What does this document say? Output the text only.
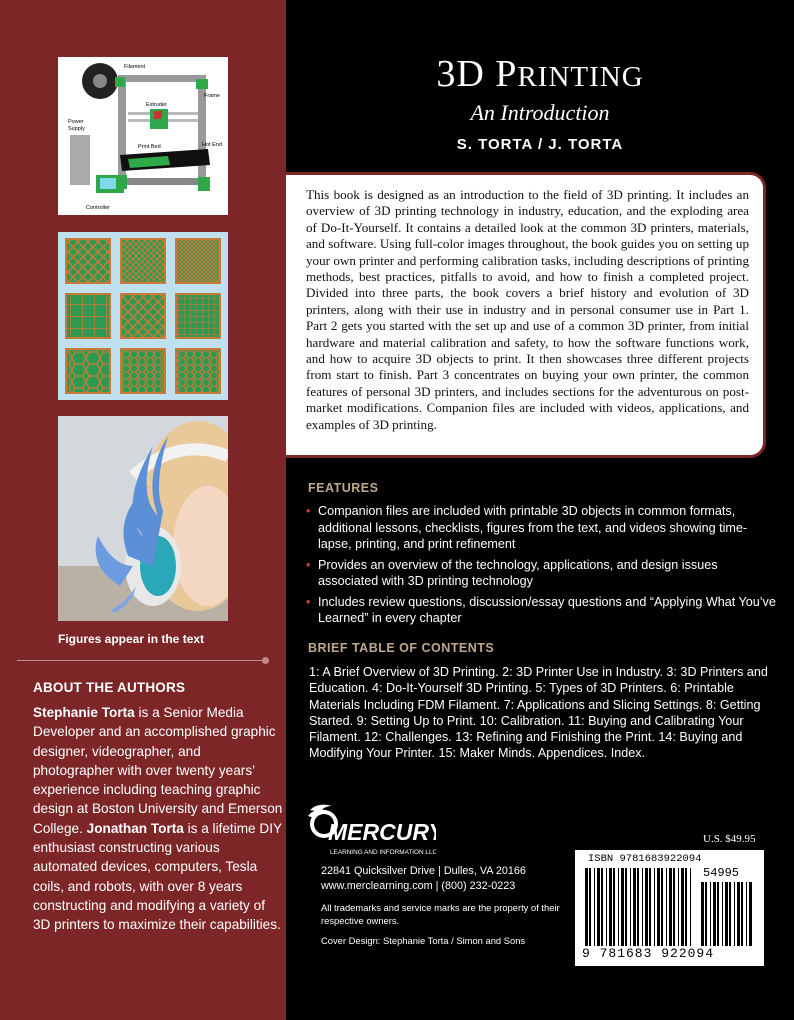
Filament
Frame
Extruder
Power
Supply
Hot End
Print Bed
Controller
Figures appear in the text
ABOUT THE AUTHORS
Stephanie Torta is a Senior Media Developer and an accomplished graphic designer, videographer, and photographer with over twenty years’ experience including teaching graphic design at Boston University and Emerson College. Jonathan Torta is a lifetime DIY enthusiast constructing various automated devices, computers, Tesla coils, and robots, with over 8 years constructing and modifying a variety of 3D printers to maximize their capabilities.
3D PRINTING
An Introduction
S. TORTA / J. TORTA

This book is designed as an introduction to the field of 3D printing. It includes an overview of 3D printing technology in industry, education, and the exploding area of Do-It-Yourself. It contains a detailed look at the common 3D printers, materials, and software. Using full-color images throughout, the book guides you on setting up your own printer and performing calibration tasks, including descriptions of printing methods, best practices, pitfalls to avoid, and how to finish a completed project. Divided into three parts, the book covers a brief history and evolution of 3D printers, along with their use in industry and in personal consumer use in Part 1. Part 2 gets you started with the set up and use of a common 3D printer, from initial hardware and material calibration and safety, to how the software functions work, and how to acquire 3D objects to print. It then showcases three different projects from start to finish. Part 3 concentrates on buying your own printer, the common features of personal 3D printers, and includes sections for the adventurous on post-market modifications. Companion files are included with videos, applications, and examples of 3D printing.

FEATURES
• Companion files are included with printable 3D objects in common formats, additional lessons, checklists, figures from the text, and videos showing time-lapse, printing, and print refinement
• Provides an overview of the technology, applications, and design issues associated with 3D printing technology
• Includes review questions, discussion/essay questions and “Applying What You’ve Learned” in every chapter
BRIEF TABLE OF CONTENTS
1: A Brief Overview of 3D Printing. 2: 3D Printer Use in Industry. 3: 3D Printers and Education. 4: Do-It-Yourself 3D Printing. 5: Types of 3D Printers. 6: Printable Materials Including FDM Filament. 7: Applications and Slicing Settings. 8: Getting Started. 9: Setting Up to Print. 10: Calibration. 11: Buying and Calibrating Your Filament. 12: Challenges. 13: Refining and Finishing the Print. 14: Buying and Modifying Your Printer. 15: Maker Minds. Appendices. Index.
MERCURY
LEARNING AND INFORMATION LLC
22841 Quicksilver Drive | Dulles, VA 20166
www.merclearning.com | (800) 232-0223
All trademarks and service marks are the property of their respective owners.
Cover Design: Stephanie Torta / Simon and Sons
U.S. $49.95
ISBN 9781683922094
54995
9 781683 922094
